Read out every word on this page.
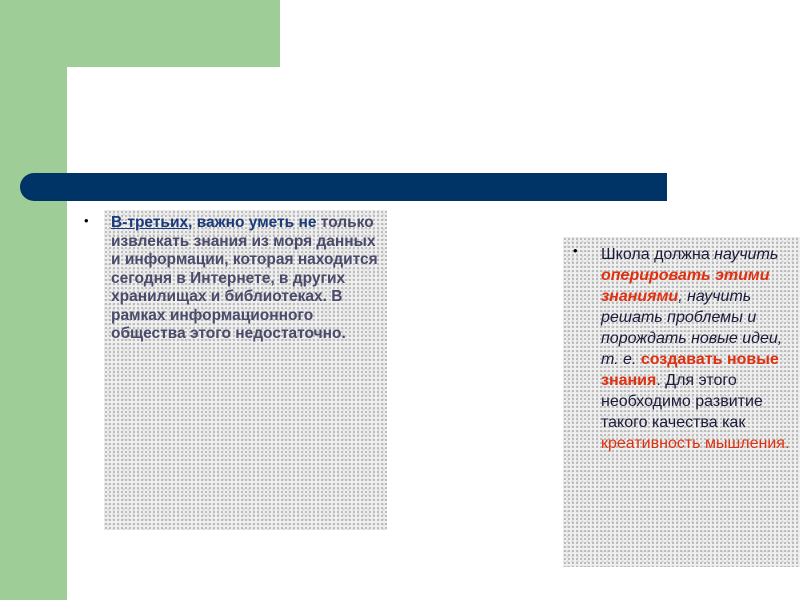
• В-третьих, важно уметь не только извлекать знания из моря данных и информации, которая находится сегодня в Интернете, в других хранилищах и библиотеках. В рамках информационного общества этого недостаточно.
• Школа должна научить оперировать этими знаниями, научить решать проблемы и порождать новые идеи, т. е. создавать новые знания. Для этого необходимо развитие такого качества как креативность мышления.
